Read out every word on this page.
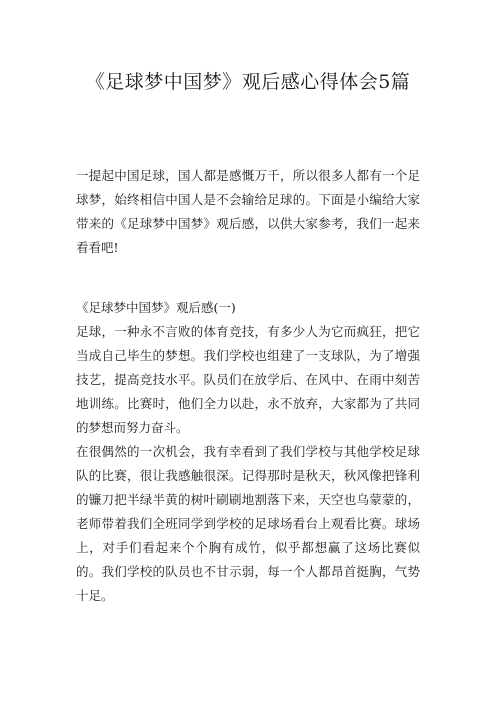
《足球梦中国梦》观后感心得体会5篇

一提起中国足球，国人都是感慨万千，所以很多人都有一个足球梦，始终相信中国人是不会输给足球的。下面是小编给大家带来的《足球梦中国梦》观后感，以供大家参考，我们一起来看看吧!

《足球梦中国梦》观后感(一)

足球，一种永不言败的体育竞技，有多少人为它而疯狂，把它当成自己毕生的梦想。我们学校也组建了一支球队，为了增强技艺，提高竞技水平。队员们在放学后、在风中、在雨中刻苦地训练。比赛时，他们全力以赴，永不放弃，大家都为了共同的梦想而努力奋斗。

在很偶然的一次机会，我有幸看到了我们学校与其他学校足球队的比赛，很让我感触很深。记得那时是秋天，秋风像把锋利的镰刀把半绿半黄的树叶刷刷地割落下来，天空也乌蒙蒙的，老师带着我们全班同学到学校的足球场看台上观看比赛。球场上，对手们看起来个个胸有成竹，似乎都想赢了这场比赛似的。我们学校的队员也不甘示弱，每一个人都昂首挺胸，气势十足。
